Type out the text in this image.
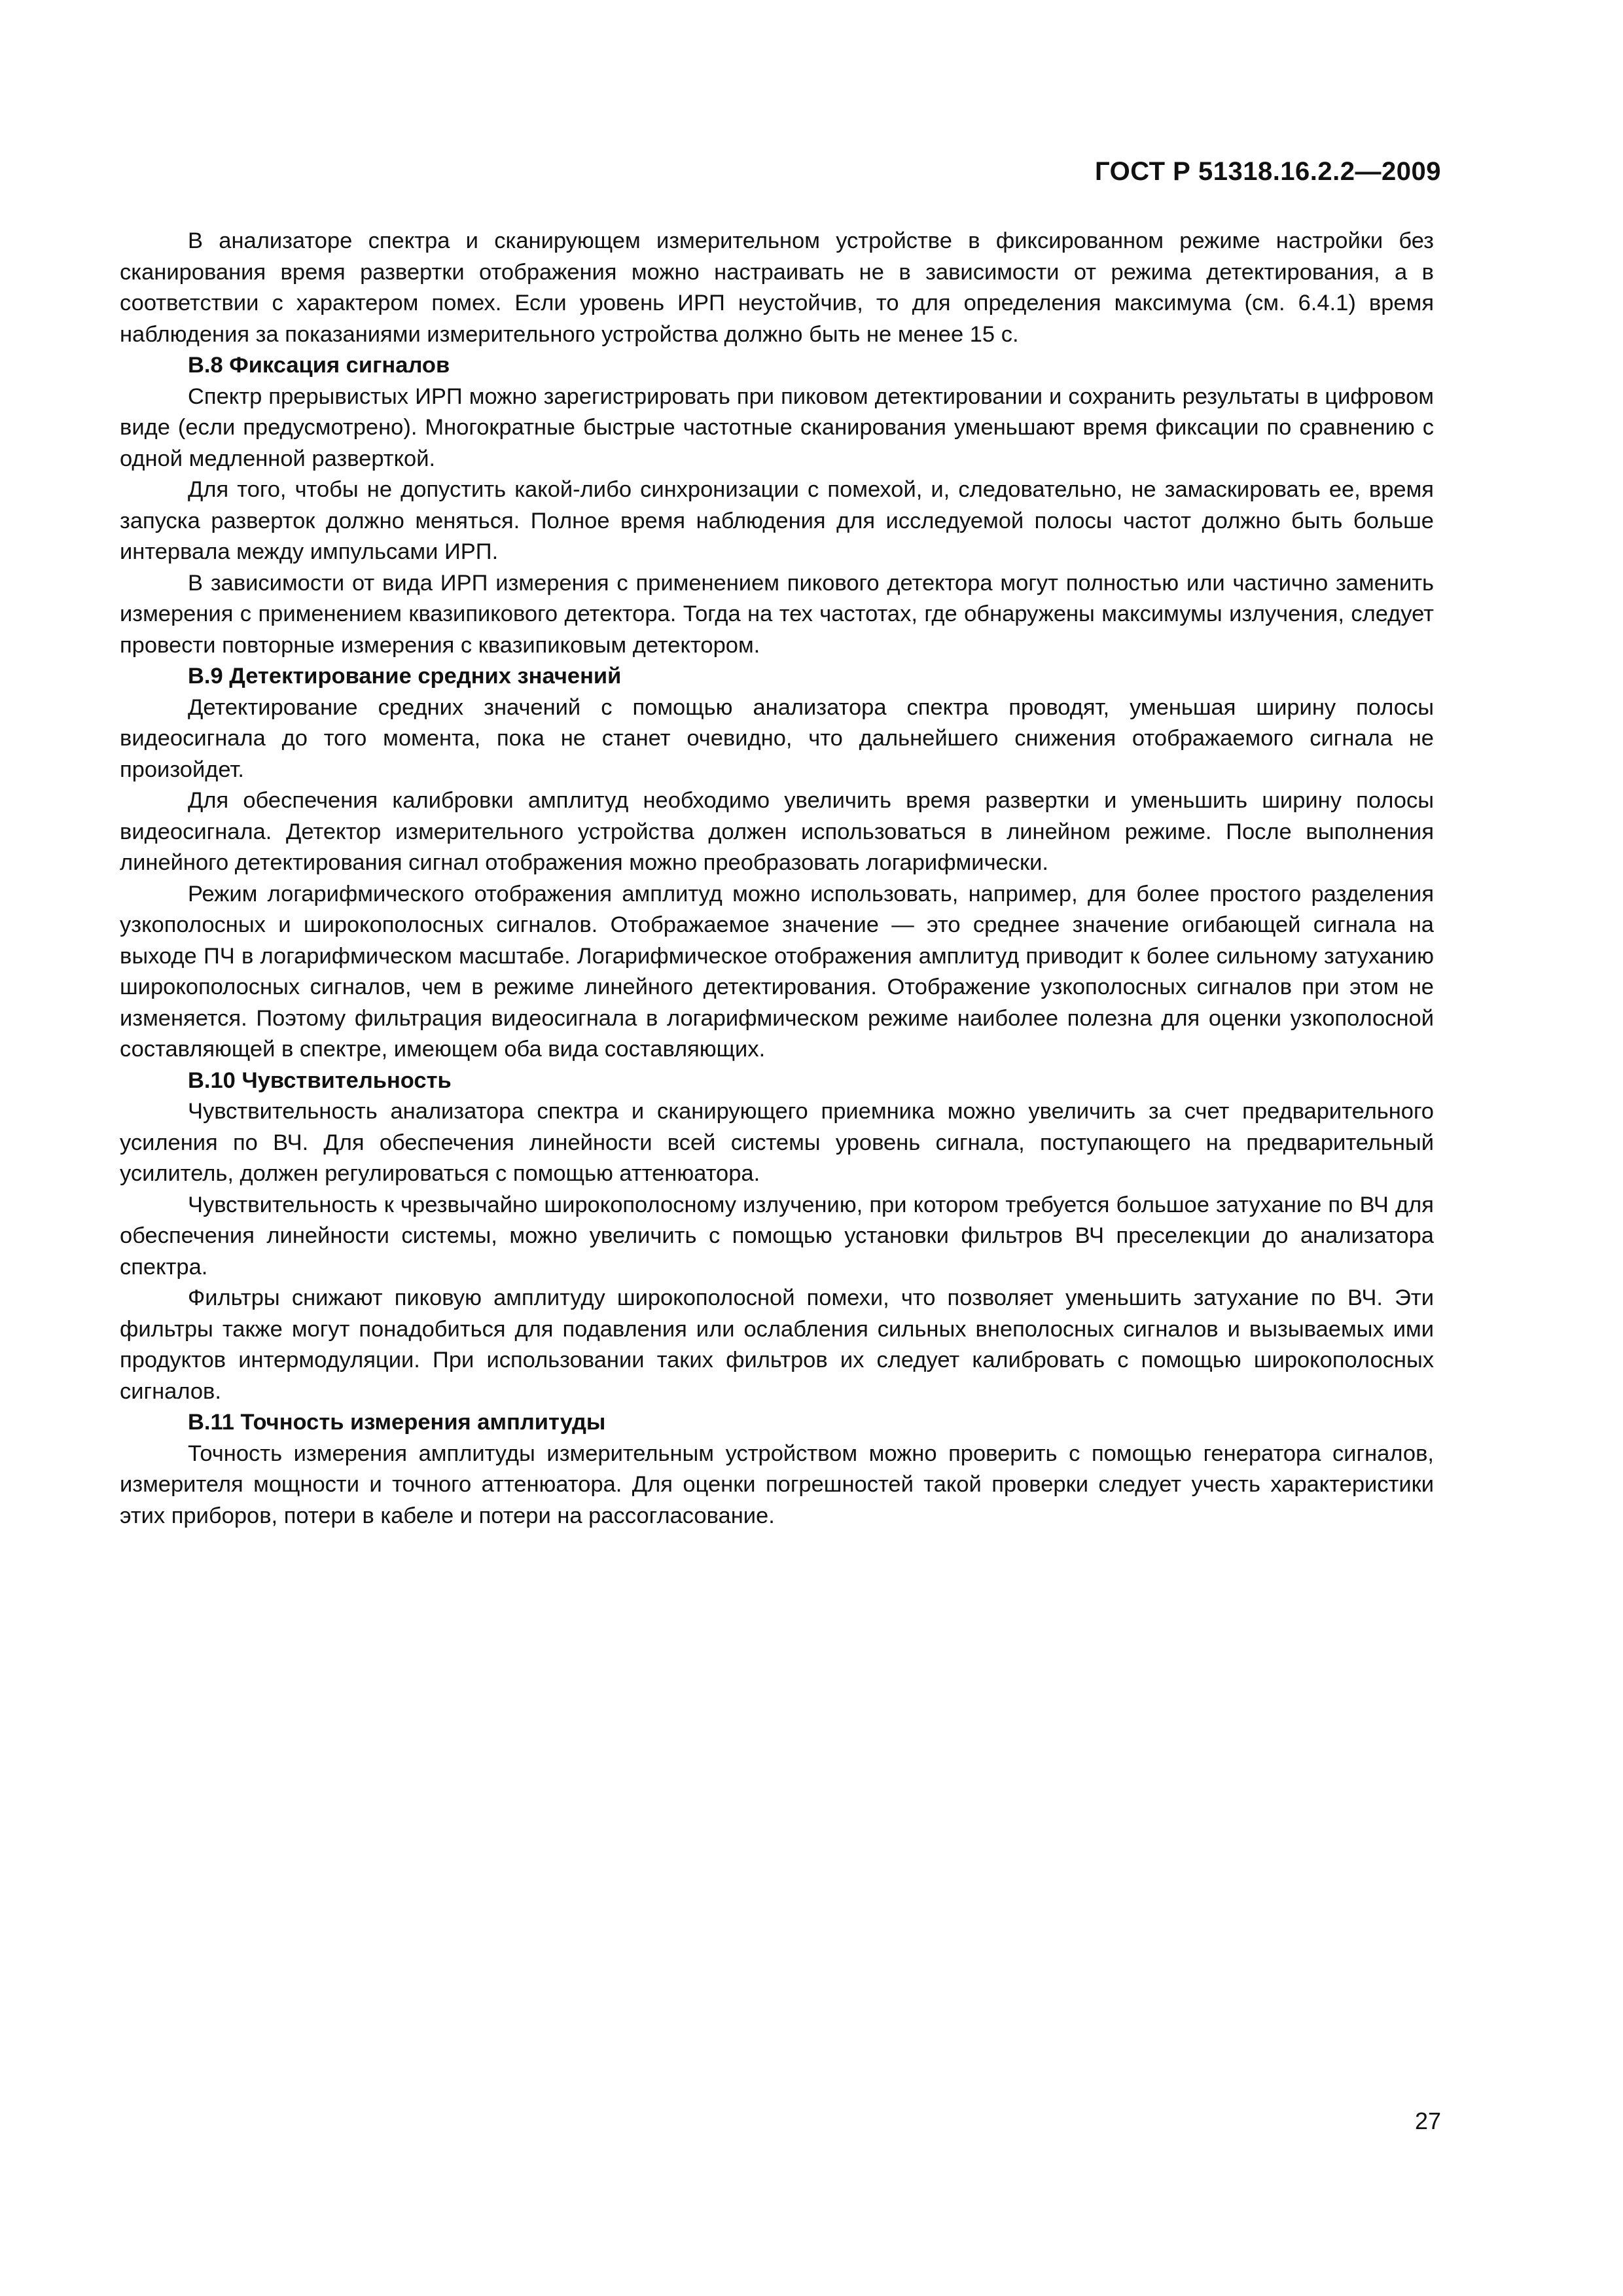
ГОСТ Р 51318.16.2.2—2009

В анализаторе спектра и сканирующем измерительном устройстве в фиксированном режиме настройки без сканирования время развертки отображения можно настраивать не в зависимости от режима детектирования, а в соответствии с характером помех. Если уровень ИРП неустойчив, то для определения максимума (см. 6.4.1) время наблюдения за показаниями измерительного устройства должно быть не менее 15 с.

В.8 Фиксация сигналов

Спектр прерывистых ИРП можно зарегистрировать при пиковом детектировании и сохранить результаты в цифровом виде (если предусмотрено). Многократные быстрые частотные сканирования уменьшают время фиксации по сравнению с одной медленной разверткой.

Для того, чтобы не допустить какой-либо синхронизации с помехой, и, следовательно, не замаскировать ее, время запуска разверток должно меняться. Полное время наблюдения для исследуемой полосы частот должно быть больше интервала между импульсами ИРП.

В зависимости от вида ИРП измерения с применением пикового детектора могут полностью или частично заменить измерения с применением квазипикового детектора. Тогда на тех частотах, где обнаружены максимумы излучения, следует провести повторные измерения с квазипиковым детектором.

В.9 Детектирование средних значений

Детектирование средних значений с помощью анализатора спектра проводят, уменьшая ширину полосы видеосигнала до того момента, пока не станет очевидно, что дальнейшего снижения отображаемого сигнала не произойдет.

Для обеспечения калибровки амплитуд необходимо увеличить время развертки и уменьшить ширину полосы видеосигнала. Детектор измерительного устройства должен использоваться в линейном режиме. После выполнения линейного детектирования сигнал отображения можно преобразовать логарифмически.

Режим логарифмического отображения амплитуд можно использовать, например, для более простого разделения узкополосных и широкополосных сигналов. Отображаемое значение — это среднее значение огибающей сигнала на выходе ПЧ в логарифмическом масштабе. Логарифмическое отображения амплитуд приводит к более сильному затуханию широкополосных сигналов, чем в режиме линейного детектирования. Отображение узкополосных сигналов при этом не изменяется. Поэтому фильтрация видеосигнала в логарифмическом режиме наиболее полезна для оценки узкополосной составляющей в спектре, имеющем оба вида составляющих.

В.10 Чувствительность

Чувствительность анализатора спектра и сканирующего приемника можно увеличить за счет предварительного усиления по ВЧ. Для обеспечения линейности всей системы уровень сигнала, поступающего на предварительный усилитель, должен регулироваться с помощью аттенюатора.

Чувствительность к чрезвычайно широкополосному излучению, при котором требуется большое затухание по ВЧ для обеспечения линейности системы, можно увеличить с помощью установки фильтров ВЧ преселекции до анализатора спектра.

Фильтры снижают пиковую амплитуду широкополосной помехи, что позволяет уменьшить затухание по ВЧ. Эти фильтры также могут понадобиться для подавления или ослабления сильных внеполосных сигналов и вызываемых ими продуктов интермодуляции. При использовании таких фильтров их следует калибровать с помощью широкополосных сигналов.

В.11 Точность измерения амплитуды

Точность измерения амплитуды измерительным устройством можно проверить с помощью генератора сигналов, измерителя мощности и точного аттенюатора. Для оценки погрешностей такой проверки следует учесть характеристики этих приборов, потери в кабеле и потери на рассогласование.

27
